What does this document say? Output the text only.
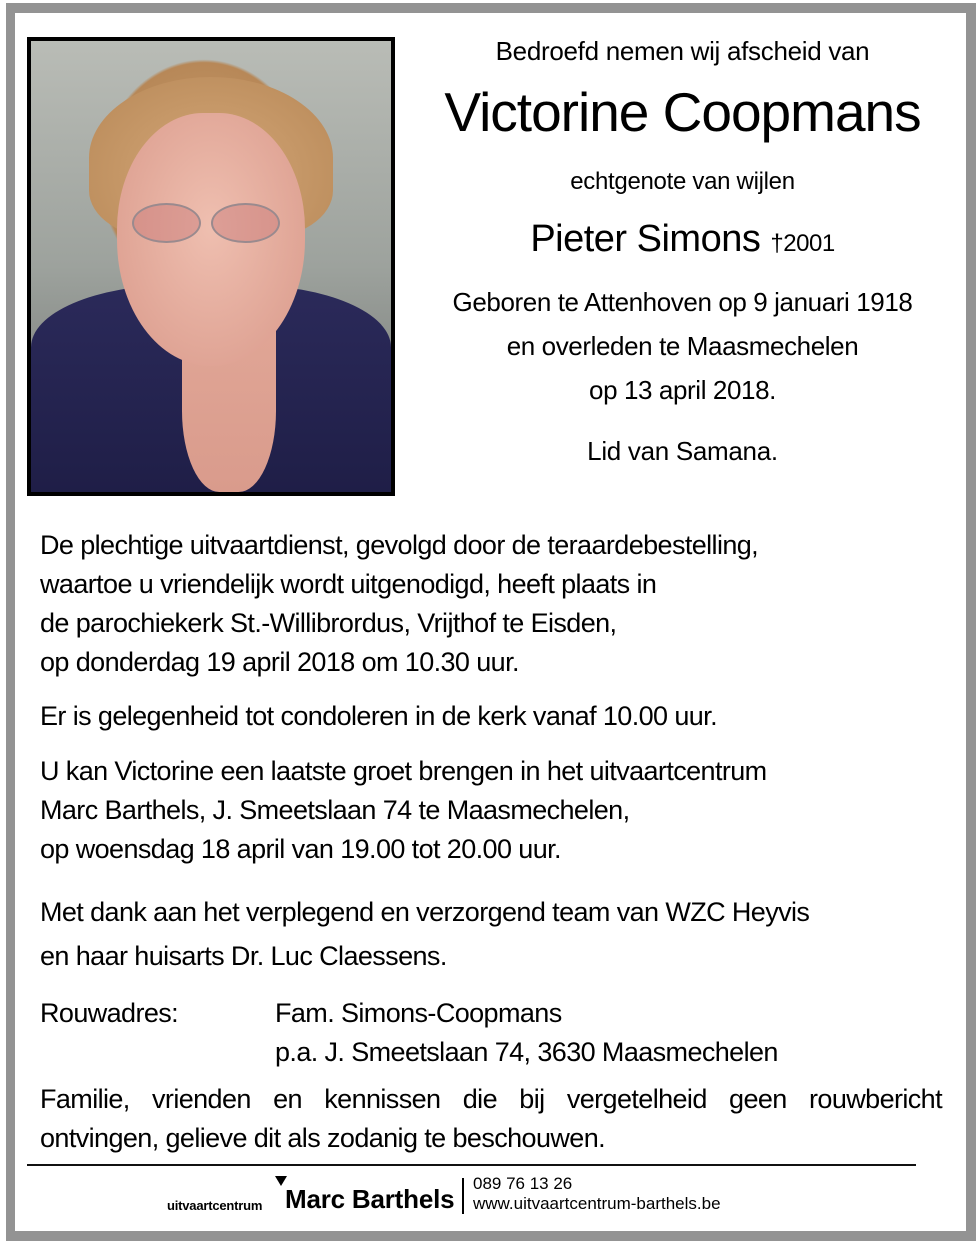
Bedroefd nemen wij afscheid van
Victorine Coopmans
echtgenote van wijlen
Pieter Simons †2001
Geboren te Attenhoven op 9 januari 1918
en overleden te Maasmechelen
op 13 april 2018.
Lid van Samana.
De plechtige uitvaartdienst, gevolgd door de teraardebestelling,
waartoe u vriendelijk wordt uitgenodigd, heeft plaats in
de parochiekerk St.-Willibrordus, Vrijthof te Eisden,
op donderdag 19 april 2018 om 10.30 uur.
Er is gelegenheid tot condoleren in de kerk vanaf 10.00 uur.
U kan Victorine een laatste groet brengen in het uitvaartcentrum
Marc Barthels, J. Smeetslaan 74 te Maasmechelen,
op woensdag 18 april van 19.00 tot 20.00 uur.
Met dank aan het verplegend en verzorgend team van WZC Heyvis
en haar huisarts Dr. Luc Claessens.
Rouwadres:	Fam. Simons-Coopmans
p.a. J. Smeetslaan 74, 3630 Maasmechelen
Familie, vrienden en kennissen die bij vergetelheid geen rouwbericht ontvingen, gelieve dit als zodanig te beschouwen.
uitvaartcentrum Marc Barthels
089 76 13 26
www.uitvaartcentrum-barthels.be
